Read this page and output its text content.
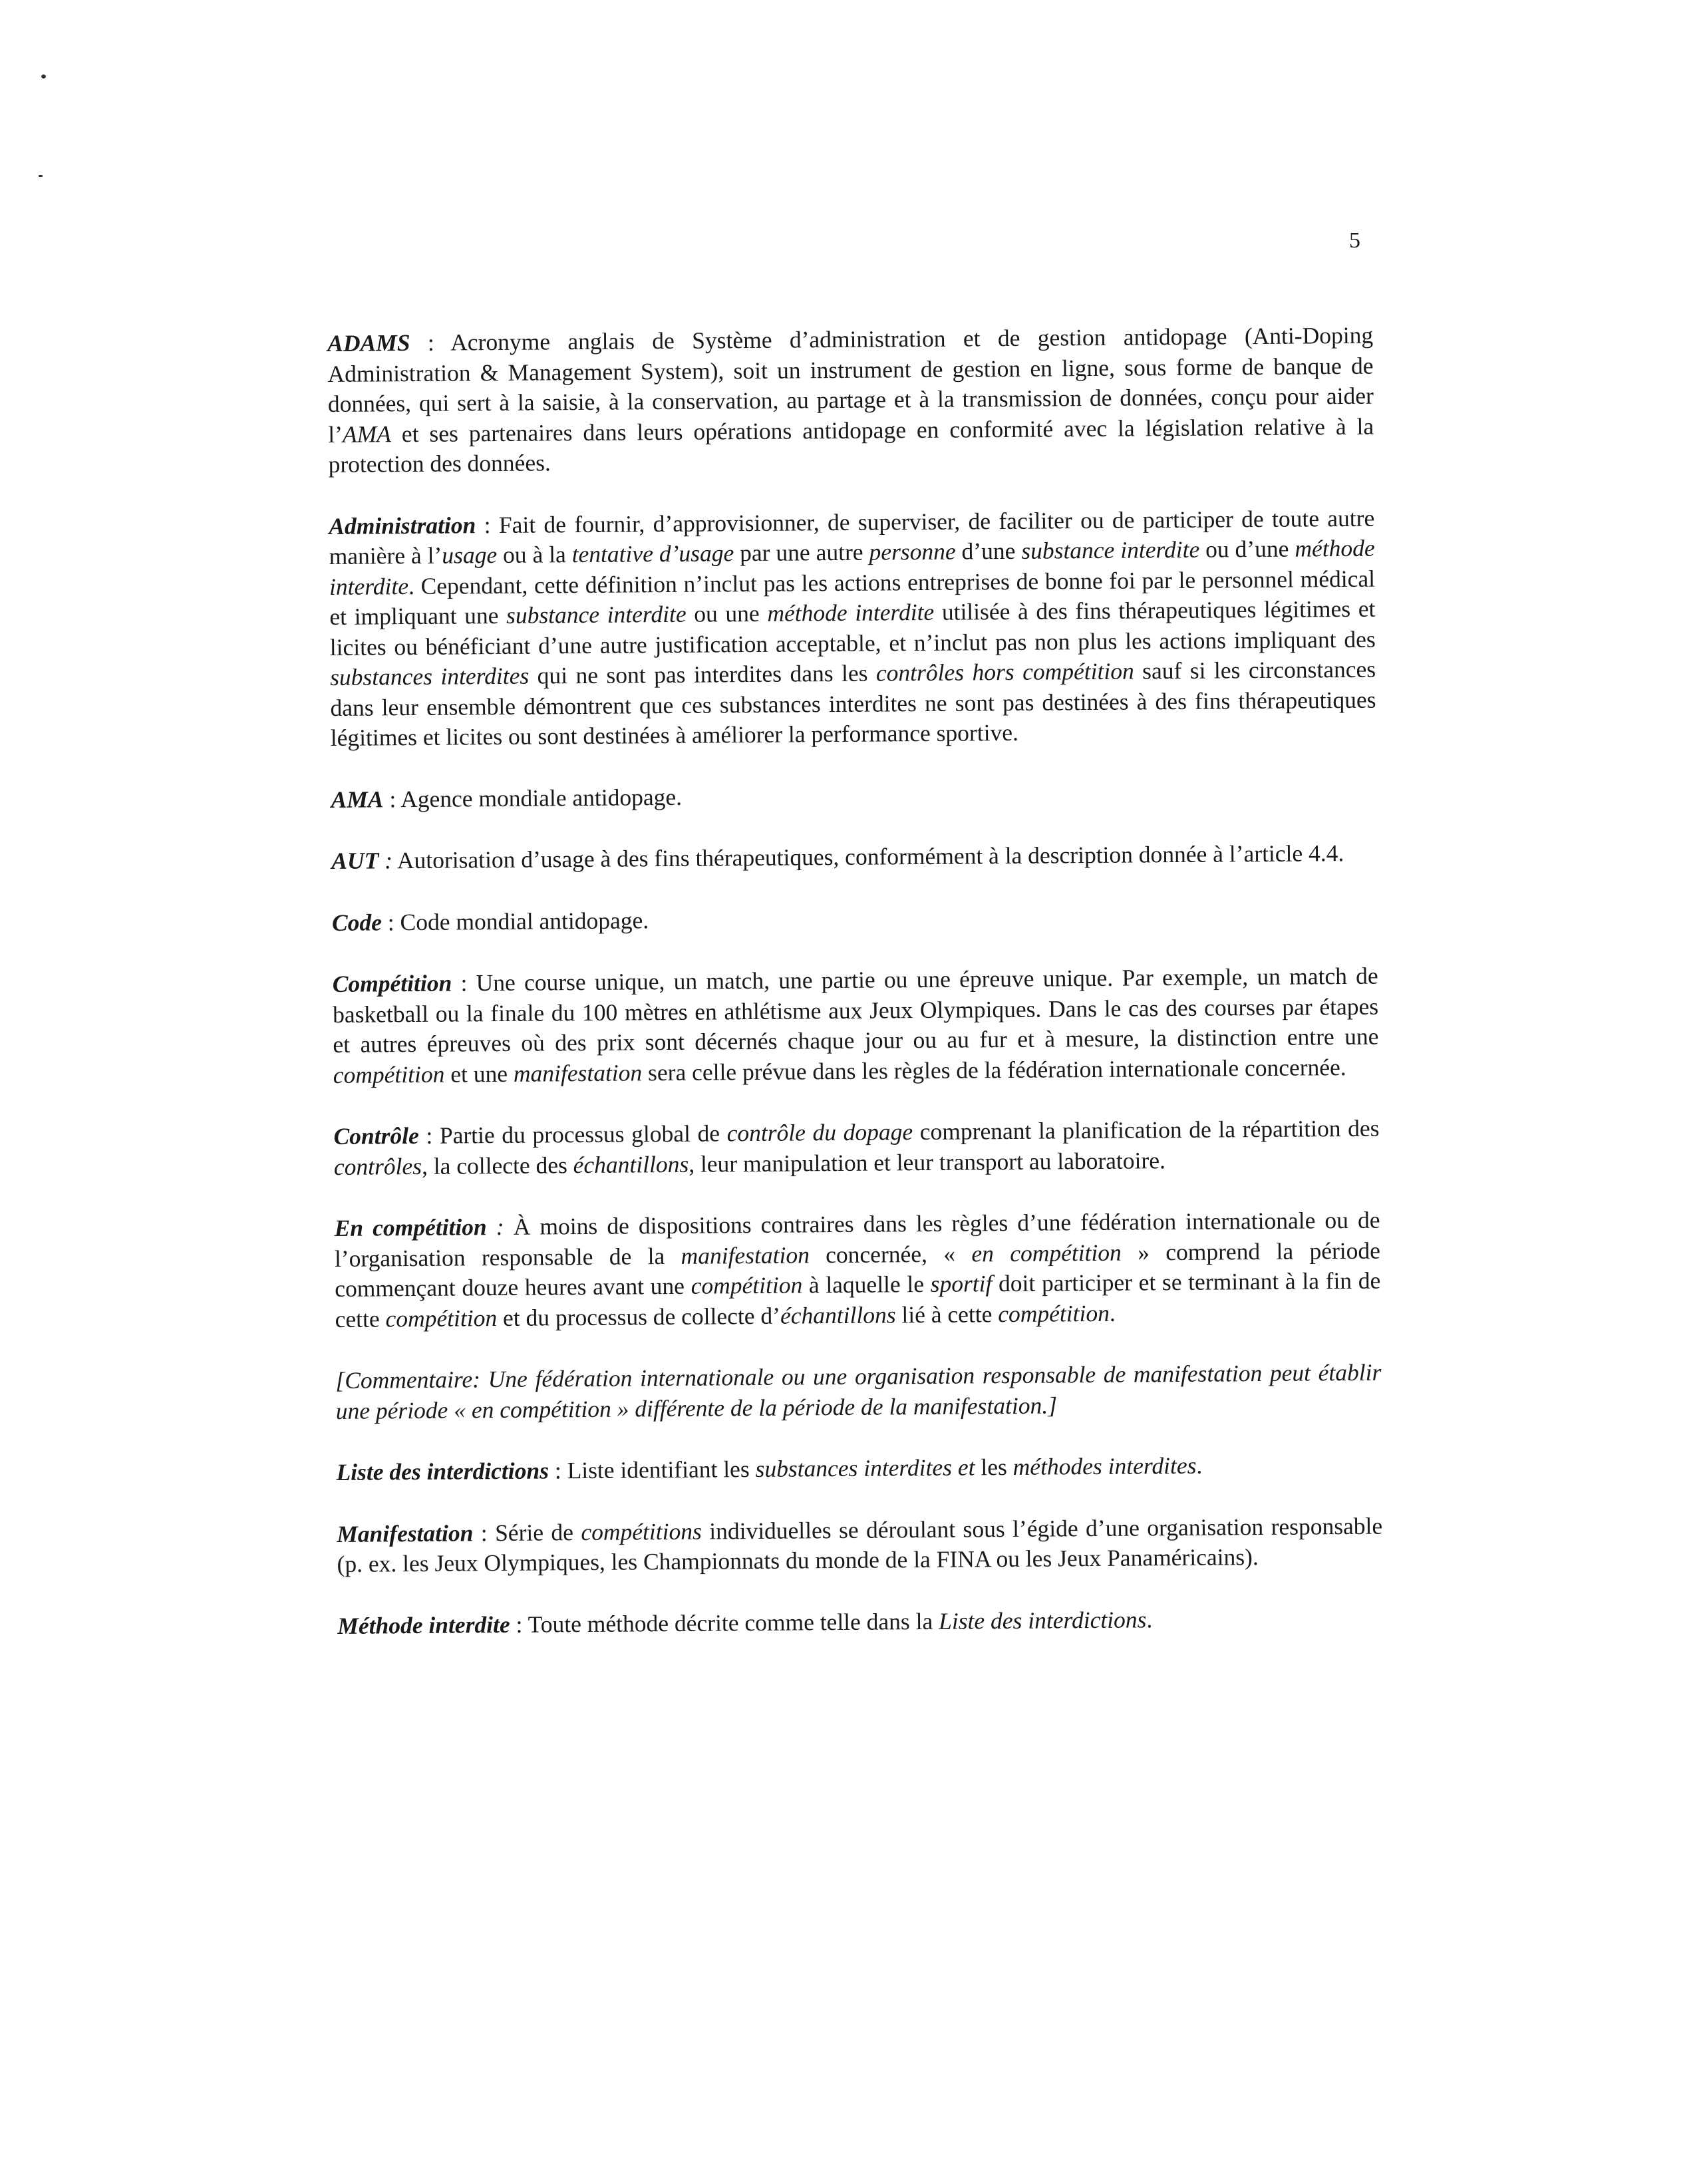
5

ADAMS : Acronyme anglais de Système d’administration et de gestion antidopage (Anti-Doping Administration & Management System), soit un instrument de gestion en ligne, sous forme de banque de données, qui sert à la saisie, à la conservation, au partage et à la transmission de données, conçu pour aider l’AMA et ses partenaires dans leurs opérations antidopage en conformité avec la législation relative à la protection des données.

Administration : Fait de fournir, d’approvisionner, de superviser, de faciliter ou de participer de toute autre manière à l’usage ou à la tentative d’usage par une autre personne d’une substance interdite ou d’une méthode interdite. Cependant, cette définition n’inclut pas les actions entreprises de bonne foi par le personnel médical et impliquant une substance interdite ou une méthode interdite utilisée à des fins thérapeutiques légitimes et licites ou bénéficiant d’une autre justification acceptable, et n’inclut pas non plus les actions impliquant des substances interdites qui ne sont pas interdites dans les contrôles hors compétition sauf si les circonstances dans leur ensemble démontrent que ces substances interdites ne sont pas destinées à des fins thérapeutiques légitimes et licites ou sont destinées à améliorer la performance sportive.

AMA : Agence mondiale antidopage.

AUT : Autorisation d’usage à des fins thérapeutiques, conformément à la description donnée à l’article 4.4.

Code : Code mondial antidopage.

Compétition : Une course unique, un match, une partie ou une épreuve unique. Par exemple, un match de basketball ou la finale du 100 mètres en athlétisme aux Jeux Olympiques. Dans le cas des courses par étapes et autres épreuves où des prix sont décernés chaque jour ou au fur et à mesure, la distinction entre une compétition et une manifestation sera celle prévue dans les règles de la fédération internationale concernée.

Contrôle : Partie du processus global de contrôle du dopage comprenant la planification de la répartition des contrôles, la collecte des échantillons, leur manipulation et leur transport au laboratoire.

En compétition : À moins de dispositions contraires dans les règles d’une fédération internationale ou de l’organisation responsable de la manifestation concernée, « en compétition » comprend la période commençant douze heures avant une compétition à laquelle le sportif doit participer et se terminant à la fin de cette compétition et du processus de collecte d’échantillons lié à cette compétition.

[Commentaire: Une fédération internationale ou une organisation responsable de manifestation peut établir une période « en compétition » différente de la période de la manifestation.]

Liste des interdictions : Liste identifiant les substances interdites et les méthodes interdites.

Manifestation : Série de compétitions individuelles se déroulant sous l’égide d’une organisation responsable (p. ex. les Jeux Olympiques, les Championnats du monde de la FINA ou les Jeux Panaméricains).

Méthode interdite : Toute méthode décrite comme telle dans la Liste des interdictions.
